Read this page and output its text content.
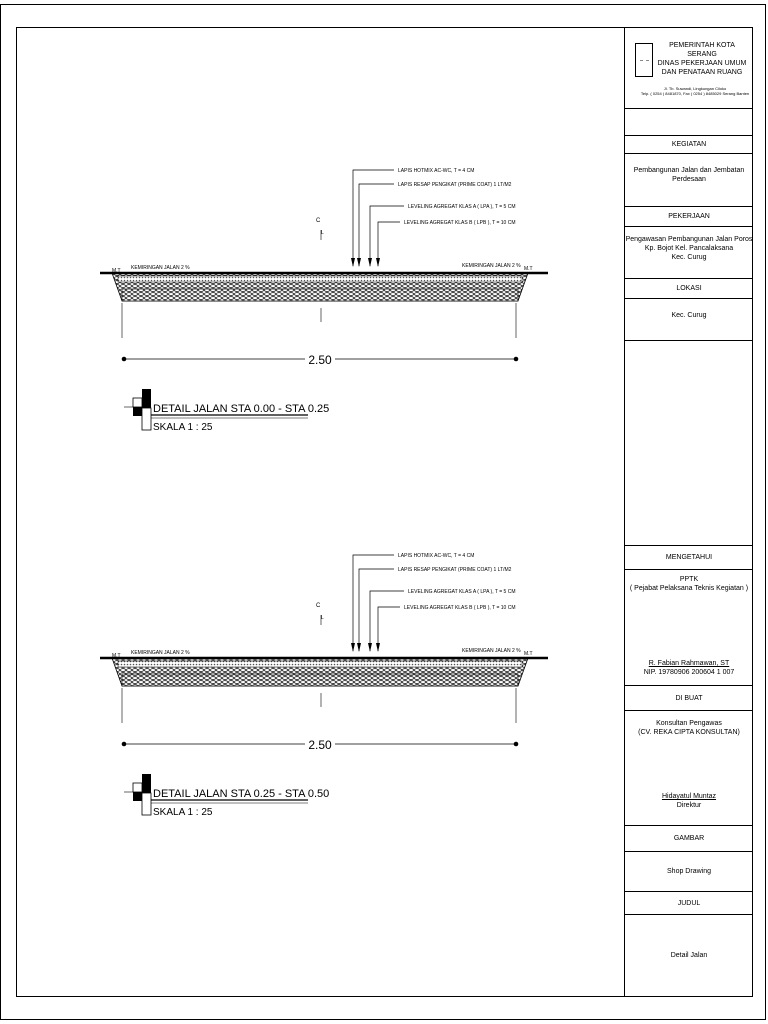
C
L
KEMIRINGAN JALAN 2 %	KEMIRINGAN JALAN 2 %
M.T	M.T
LAPIS HOTMIX AC-WC, T = 4 CM
LAPIS RESAP PENGIKAT (PRIME COAT) 1 LT/M2
LEVELING AGREGAT KLAS A ( LPA ), T = 5 CM
LEVELING AGREGAT KLAS B ( LPB ), T = 10 CM
2.50
DETAIL JALAN STA 0.00 - STA 0.25
SKALA 1 : 25
C
L
KEMIRINGAN JALAN 2 %	KEMIRINGAN JALAN 2 %
M.T	M.T
LAPIS HOTMIX AC-WC, T = 4 CM
LAPIS RESAP PENGIKAT (PRIME COAT) 1 LT/M2
LEVELING AGREGAT KLAS A ( LPA ), T = 5 CM
LEVELING AGREGAT KLAS B ( LPB ), T = 10 CM
2.50
DETAIL JALAN STA 0.25 - STA 0.50
SKALA 1 : 25
PEMERINTAH KOTA SERANG
DINAS PEKERJAAN UMUM
DAN PENATAAN RUANG
Jl. Tb. Suwandi, Lingkungan Ciloko
Telp. ( 0254 ) 8481870, Fax ( 0254 ) 8485029 Serang Banten
KEGIATAN
Pembangunan Jalan dan Jembatan
Perdesaan
PEKERJAAN
Pengawasan Pembangunan Jalan Poros
Kp. Bojot Kel. Pancalaksana
Kec. Curug
LOKASI
Kec. Curug
MENGETAHUI
PPTK
( Pejabat Pelaksana Teknis Kegiatan )
R. Fabian Rahmawan, ST
NIP. 19780906 200604 1 007
DI BUAT
Konsultan Pengawas
(CV. REKA CIPTA KONSULTAN)
Hidayatul Muntaz
Direktur
GAMBAR
Shop Drawing
JUDUL
Detail Jalan
